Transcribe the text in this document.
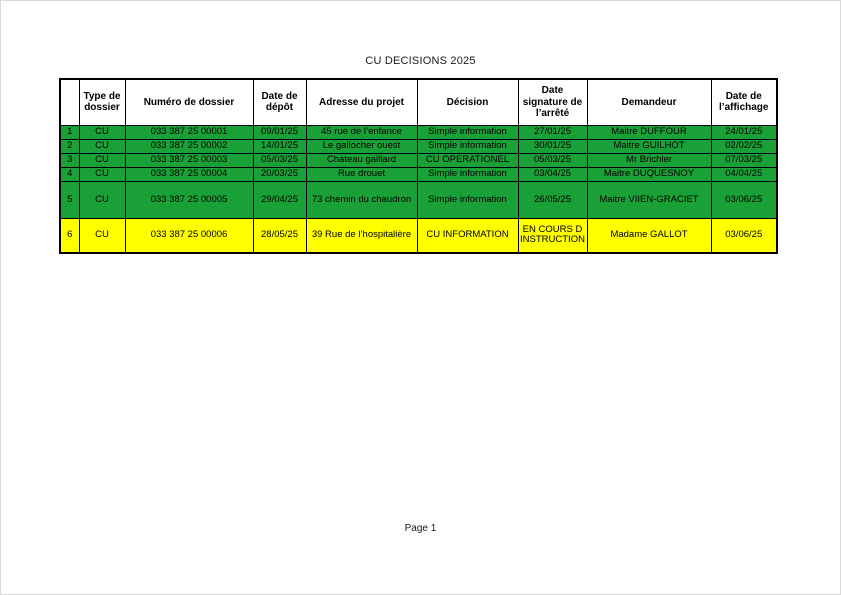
CU DECISIONS 2025
	Type de dossier	Numéro de dossier	Date de dépôt	Adresse du projet	Décision	Date signature de l’arrêté	Demandeur	Date de l’affichage
1	CU	033 387 25 00001	09/01/25	45 rue de l’enfance	Simple information	27/01/25	Maitre DUFFOUR	24/01/25
2	CU	033 387 25 00002	14/01/25	Le gallocher ouest	Simple information	30/01/25	Maitre GUILHOT	02/02/25
3	CU	033 387 25 00003	05/03/25	Chateau gaillard	CU OPERATIONEL	05/03/25	Mr Brichler	07/03/25
4	CU	033 387 25 00004	20/03/25	Rue drouet	Simple information	03/04/25	Maitre DUQUESNOY	04/04/25
5	CU	033 387 25 00005	29/04/25	73 chemin du chaudron	Simple information	26/05/25	Maitre VIIEN-GRACIET	03/06/25
6	CU	033 387 25 00006	28/05/25	39 Rue de l’hospitalière	CU INFORMATION	EN COURS D INSTRUCTION	Madame GALLOT	03/06/25
Page 1
